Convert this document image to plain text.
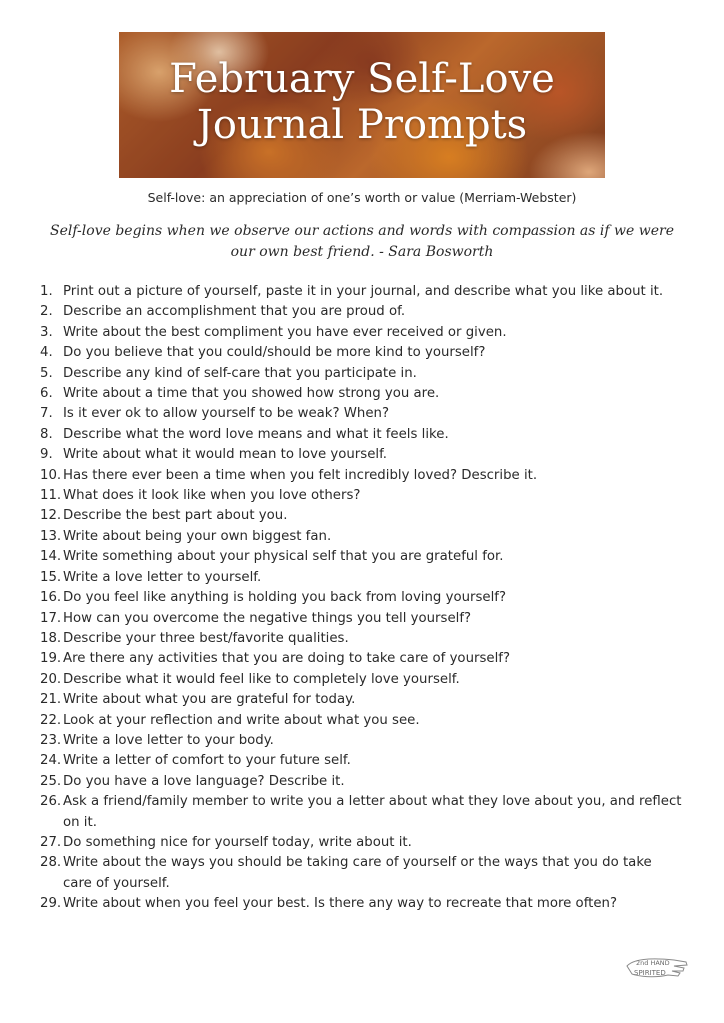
February Self-Love
Journal Prompts
Self-love: an appreciation of one’s worth or value (Merriam-Webster)
Self-love begins when we observe our actions and words with compassion as if we were our own best friend. - Sara Bosworth
1. Print out a picture of yourself, paste it in your journal, and describe what you like about it.
2. Describe an accomplishment that you are proud of.
3. Write about the best compliment you have ever received or given.
4. Do you believe that you could/should be more kind to yourself?
5. Describe any kind of self-care that you participate in.
6. Write about a time that you showed how strong you are.
7. Is it ever ok to allow yourself to be weak? When?
8. Describe what the word love means and what it feels like.
9. Write about what it would mean to love yourself.
10. Has there ever been a time when you felt incredibly loved? Describe it.
11. What does it look like when you love others?
12. Describe the best part about you.
13. Write about being your own biggest fan.
14. Write something about your physical self that you are grateful for.
15. Write a love letter to yourself.
16. Do you feel like anything is holding you back from loving yourself?
17. How can you overcome the negative things you tell yourself?
18. Describe your three best/favorite qualities.
19. Are there any activities that you are doing to take care of yourself?
20. Describe what it would feel like to completely love yourself.
21. Write about what you are grateful for today.
22. Look at your reflection and write about what you see.
23. Write a love letter to your body.
24. Write a letter of comfort to your future self.
25. Do you have a love language? Describe it.
26. Ask a friend/family member to write you a letter about what they love about you, and reflect on it.
27. Do something nice for yourself today, write about it.
28. Write about the ways you should be taking care of yourself or the ways that you do take care of yourself.
29. Write about when you feel your best. Is there any way to recreate that more often?
2nd HAND
SPIRITED
